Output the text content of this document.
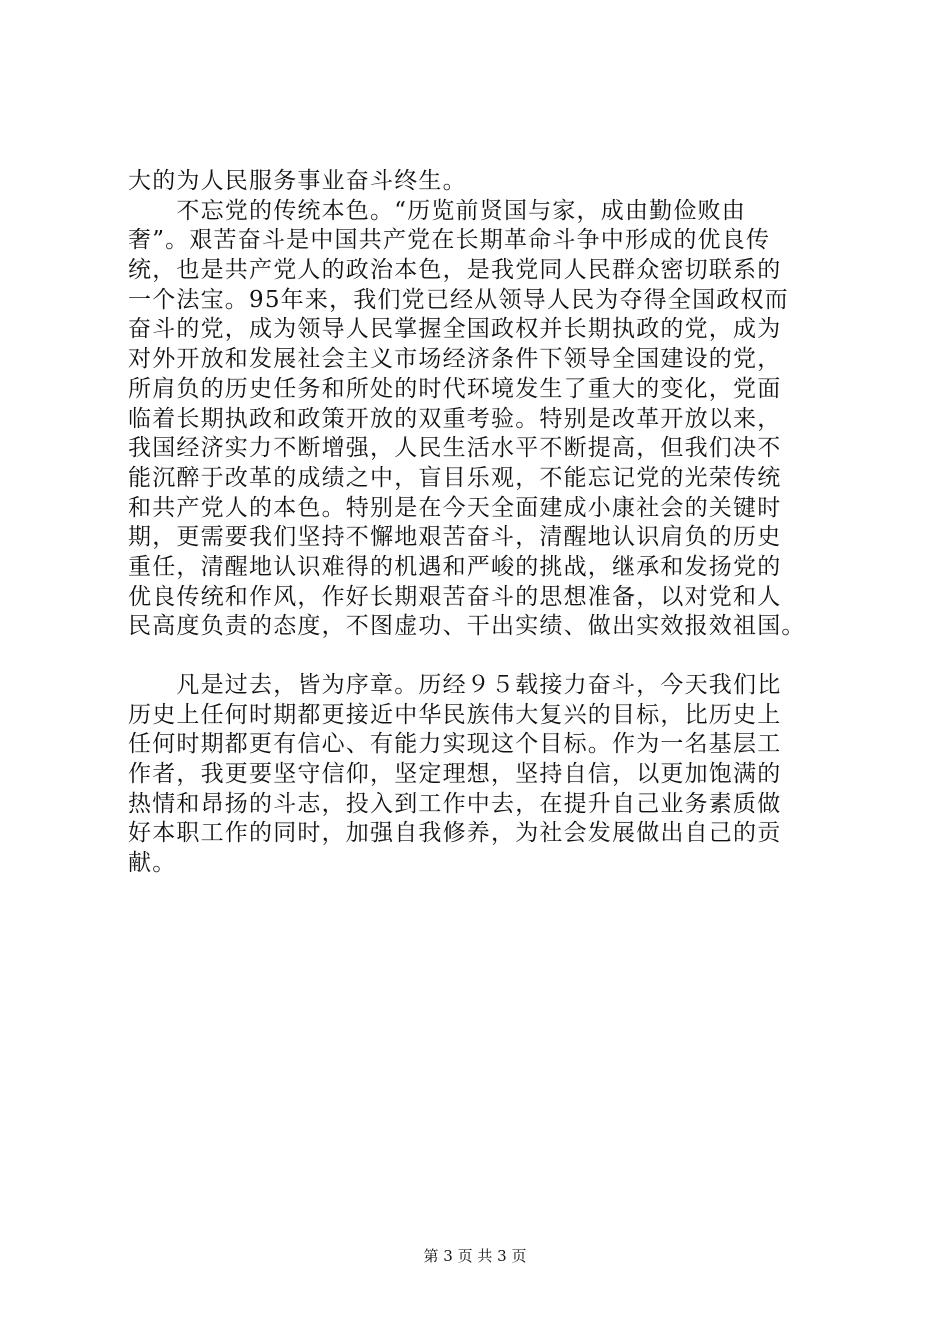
大的为人民服务事业奋斗终生。
　　不忘党的传统本色。“历览前贤国与家，成由勤俭败由
奢”。艰苦奋斗是中国共产党在长期革命斗争中形成的优良传
统，也是共产党人的政治本色，是我党同人民群众密切联系的
一个法宝。95年来，我们党已经从领导人民为夺得全国政权而
奋斗的党，成为领导人民掌握全国政权并长期执政的党，成为
对外开放和发展社会主义市场经济条件下领导全国建设的党，
所肩负的历史任务和所处的时代环境发生了重大的变化，党面
临着长期执政和政策开放的双重考验。特别是改革开放以来，
我国经济实力不断增强，人民生活水平不断提高，但我们决不
能沉醉于改革的成绩之中，盲目乐观，不能忘记党的光荣传统
和共产党人的本色。特别是在今天全面建成小康社会的关键时
期，更需要我们坚持不懈地艰苦奋斗，清醒地认识肩负的历史
重任，清醒地认识难得的机遇和严峻的挑战，继承和发扬党的
优良传统和作风，作好长期艰苦奋斗的思想准备，以对党和人
民高度负责的态度，不图虚功、干出实绩、做出实效报效祖国。
　　凡是过去，皆为序章。历经９５载接力奋斗，今天我们比
历史上任何时期都更接近中华民族伟大复兴的目标，比历史上
任何时期都更有信心、有能力实现这个目标。作为一名基层工
作者，我更要坚守信仰，坚定理想，坚持自信，以更加饱满的
热情和昂扬的斗志，投入到工作中去，在提升自己业务素质做
好本职工作的同时，加强自我修养，为社会发展做出自己的贡
献。
第 3 页 共 3 页
